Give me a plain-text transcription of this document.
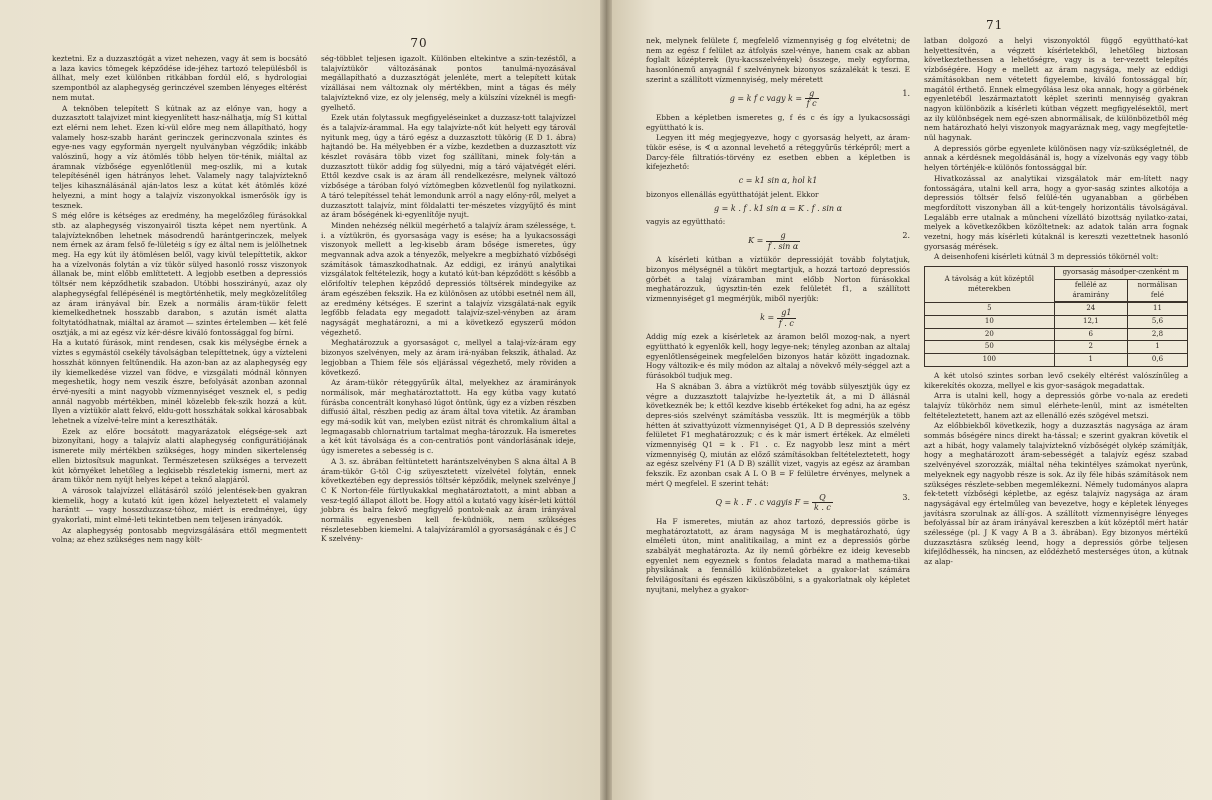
70

keztetni. Ez a duzzasztógát a vizet nehezen, vagy át sem is bocsátó a laza kavics tömegek képződése ide-jéhez tartozó településből is állhat, mely ezet különben ritkábban fordúl elő, s hydrologiai szempontból az alaphegység gerinczével szemben lényeges eltérést nem mutat.

A teknöben telepített S kútnak az az előnye van, hogy a duzzasztott talajvizet mint kiegyenlített hasz-nálhatja, míg S1 kúttal ezt elérni nem lehet. Ezen kí-vül előre meg nem állapítható, hogy valamely hosz-szabb haránt gerinczek gerinczvonala szintes és egye-nes vagy egyformán nyergelt nyulványban végződik; inkább valószinű, hogy a víz átömlés több helyen tör-ténik, miáltal az áramnak vízbősége egyenlőtlenül meg-oszlik, mi a kutak telepítésénél igen hátrányos lehet. Valamely nagy talajvízteknő teljes kihasználásánál aján-latos lesz a kútat két átömlés közé helyezni, a mint hogy a talajvíz viszonyokkal ismerősök így is tesznek.

S még előre is kétséges az eredmény, ha megelőzőleg fúrásokkal stb. az alaphegység viszonyairól tiszta képet nem nyertünk. A talajvízteknőben lehetnek másodrendű harántgerinczek, melyek nem érnek az áram felső fe-lületéig s így ez által nem is jelölhetnek meg. Ha egy kút ily átömlésen belől, vagy kivül telepíttetik, akkor ha a vízelvonás folytán a víz tükör sülyed hasonló rossz viszonyok állanak be, mint előbb említtetett. A legjobb esetben a depressiós töltsér nem képződhetik szabadon. Utóbbi hosszirányú, azaz oly alaphegységfal fellépésénél is megtörténhetik, mely megközelítőleg az áram irányával bír. Ezek a normális áram-tükör felett kiemelkedhetnek hosszabb darabon, s azután ismét alatta foltytatódhatnak, miáltal az áramot — szintes értelemben — két felé osztják, a mi az egész víz kér-désre kiváló fontossággal fog bírni.

Ha a kutató fúrások, mint rendesen, csak kis mélységbe érnek a víztes s egymástól csekély távolságban telepíttetnek, úgy a vízteleni hosszhát könnyen feltűnendik. Ha azon-ban az az alaphegység egy ily kiemelkedése vizzel van födve, e vizsgálati módnál könnyen megeshetik, hogy nem veszik észre, befolyását azonban azonnal érvé-nyesíti a mint nagyobb vízmennyiséget vesznek el, s pedig annál nagyobb mértékben, minél közelebb fek-szik hozzá a kút. Ilyen a víztükör alatt fekvő, eldu-gott hosszhátak sokkal károsabbak lehetnek a vízelvé-telre mint a keresztháták.

Ezek az előre bocsátott magyarázatok elégsége-sek azt bizonyítani, hogy a talajvíz alatti alaphegység configurátiójának ismerete mily mértékben szükséges, hogy minden sikertelenség ellen biztosítsuk magunkat. Természetesen szükséges a tervezett kút környéket lehetőleg a legkisebb részletekig ismerni, mert az áram tükör nem nyújt helyes képet a teknő alapjáról.

A városok talajvízzel ellátásáról szóló jelentések-ben gyakran kiemelik, hogy a kutató kút igen közel helyeztetett el valamely harántt — vagy hosszduzzasz-tóhoz, miért is eredményei, úgy gyakorlati, mint elmé-leti tekintetben nem teljesen irányadók.

Az alaphegység pontosabb megvizsgálására ettől megmentett volna; az ehez szükséges nem nagy költ-

ség-többlet teljesen igazolt. Különben eltekintve a szin-tezéstől, a talajvíztükör változásának pontos tanulmá-nyozásával megállapítható a duzzasztógát jelenléte, mert a telepített kútak vízállásai nem változnak oly mértékben, mint a tágas és mély talajvízteknő vize, ez oly jelenség, mely a külszíni vízeknél is megfi-gyelhető.

Ezek után folytassuk megfigyeléseinket a duzzasz-tott talajvízzel és a talajvíz-árammal. Ha egy talajvízte-nőt kút helyett egy tárovál nyitunk meg, úgy a táró egész a duzzasztott tükörig (E D 1. ábra) hajtandó be. Ha mélyebben ér a vízbe, kezdetben a duzzasztott víz készlet rovására több vizet fog szállítani, minek foly-tán a duzzasztott tükör addig fog sülyedni, míg a táró vájatvégét eléri. Ettől kezdve csak is az áram áll rendelkezésre, melynek változó vízbősége a táróban folyó víztömegben közvetlenül fog nyilatkozni. A táró telepítéssel tehát lemondunk arról a nagy előny-ről, melyet a duzzasztott talajvíz, mint földalatti ter-mészetes vízgyűjtő és mint az áram bőségének ki-egyenlítője nyujt.

Minden nehézség nélkül megérhető a talajvíz áram szélessége, t. i. a víztükrön, és gyorsasága vagy is esése; ha a lyukacsossági viszonyok mellett a leg-kisebb áram bősége ismeretes, úgy megvannak adva azok a tényezők, melyekre a megbízható vízbőségi számítások támaszkodhatnak. Az eddigi, ez irányú analytikai vizsgálatok feltételezik, hogy a kutató kút-ban képződött s később a előrifoltív telephen képződő depressiós töltsérek mindegyike az áram egészében fekszik. Ha ez különösen az utóbbi esetnél nem áll, az eredmény kétséges. E szerint a talajvíz vizsgálatá-nak egyik legfőbb feladata egy megadott talajvíz-szel-vényben az áram nagyságát meghatározni, a mi a következő egyszerű módon végezhető.

Meghatározzuk a gyorsaságot c, mellyel a talaj-víz-áram egy bizonyos szelvényen, mely az áram irá-nyában fekszik, áthalad. Az legjobban a Thiem féle sós eljárással végezhető, mely röviden a következő.

Az áram-tükör réteggyűrűk által, melyekhez az áramirányok normálisok, már meghatároztattott. Ha egy kútba vagy kutató fúrásba concentrált konyhasó lúgot öntünk, úgy ez a vízben részben diffusió által, részben pedig az áram által tova vitetik. Az áramban egy má-sodik kút van, melyben ezüst nitrát és chromkalium által a legmagasabb chlornatrium tartalmat megha-tározzuk. Ha ismeretes a két kút távolsága és a con-centratiós pont vándorlásának ideje, úgy ismeretes a sebesség is c.

A 3. sz. ábrában feltüntetett harántszelvényben S akna által A B áram-tükör G-töl C-ig szüyesztetett vízelvétel folytán, ennek következtében egy depressiós töltsér képződik, melynek szelvénye J C K Norton-féle fúrtlyukakkal meghatároztatott, a mint abban a vesz-teglő állapot állott be. Hogy attól a kutató vagy kísér-leti kúttól jobbra és balra fekvő megfigyelő pontok-nak az áram irányával normális egyenesben kell fe-küdniök, nem szükséges részletesebben kiemelni. A talajvízáramlól a gyorsaságának c és J C K szelvény-

71

nek, melynek felülete f, megfelelő vízmennyiség g fog elvétetni; de nem az egész f felület az átfolyás szel-vénye, hanem csak az abban foglalt középterek (lyu-kacsszelvények) összege, mely egyforma, hasonlónemű anyagnál f szelvénynek bizonyos százalékát k teszi. E szerint a szállított vízmennyiség, mely méretett

g = k f c vagy $k = \frac{g}{\text{f c}}$	1.

Ebben a képletben ismeretes g, f és c és így a lyukacsossági együttható k is.

Legyen itt még megjegyezve, hogy c gyorsaság helyett, az áram-tükör esése, is ∢ α azonnal levehető a réteggyűrűs térképről; mert a Darcy-féle filtratiós-törvény ez esetben ebben a képletben is kifejezhető:

c = k1 sin α, hol k1

bizonyos ellenállás együtthatóját jelent. Ekkor

g = k . f . k1 sin α = K . f . sin α

vagyis az együttható:

$K = \frac{g}{\text{f . sin α}}$	2.

A kísérleti kútban a víztükör depressióját tovább folytatjuk, bizonyos mélységnél a tükört megtartjuk, a hozzá tartozó depressiós görbét a talaj vízáramban mint előbb Norton fúrásokkal meghatározzuk, úgysztin-tén ezek felületét f1, a szállított vízmennyiséget g1 megmérjük, miből nyerjük:

$k = \frac{g1}{f . c}$

Addig míg ezek a kísérletek az áramon belől mozog-nak, a nyert együttható k egyenlők kell, hogy legye-nek; tényleg azonban az altalaj egyenlőtlenségeinek megfelelően bizonyos határ között ingadoznak. Hogy változik-e és mily módon az altalaj a növekvő mély-séggel azt a fúrásokból tudjuk meg.

Ha S aknában 3. ábra a víztükröt még tovább sülyesztjük úgy ez végre a duzzasztott talajvízbe he-lyeztetik át, a mi D állásnál következnék be; k ettől kezdve kisebb értékeket fog adni, ha az egész depres-siós szelvényt számításba vesszük. Itt is megmérjük a több hétten át szivattyúzott vízmennyiséget Q1, A D B depressiós szelvény felületet F1 meghatározzuk; c és k már ismert értékek. Az elméleti vízmennyiség Q1 = k . F1 . c. Ez nagyobb lesz mint a mért vízmennyiség Q, miután az előző számításokban feltételeztetett, hogy az egész szelvény F1 (A D B) szállít vizet, vagyis az egész az áramban fekszik. Ez azonban csak A L O B = F felületre érvényes, melynek a mért Q megfelel. E szerint tehát:

Q = k . F . c vagyis $F = \frac{Q}{k . c}$	3.

Ha F ismeretes, miután az ahoz tartozó, depressiós görbe is meghatároztatott, az áram nagysága M is meghatározható, úgy elméleti úton, mint analitikailag, a mint ez a depressiós görbe szabályát meghatározta. Az ily nemű görbékre ez ideig kevesebb egyenlet nem egyeznek s fontos feladata marad a mathema-tikai physikának a fennálló különbözeteket a gyakor-lat számára felvilágosítani és egészen kiküszöbölni, s a gyakorlatnak oly képletet nyujtani, melyhez a gyakor-

latban dolgozó a helyi viszonyoktól függő együttható-kat helyettesítvén, a végzett kísérletekből, lehetőleg biztosan következtethessen a lehetőségre, vagy is a ter-vezett telepítés vízbőségére. Hogy e mellett az áram nagysága, mely az eddigi számításokban nem vétetett figyelembe, kiváló fontossággal bír, magától érthető. Ennek elmegyőlása lesz oka annak, hogy a görbének egyenletéből leszármaztatott képlet szerinti mennyiség gyakran nagyon különbözik a kísérleti kútban végzett megfigyelésektől, mert az ily különbségek nem egé-szen abnormálisak, de különbözetből még nem határozható helyi viszonyok magyaráznak meg, vagy megfejtetle-nül hagynak.

A depressiós görbe egyenlete különösen nagy víz-szükségletnél, de annak a kérdésnek megoldásánál is, hogy a vízelvonás egy vagy több helyen történjék-e különös fontossággal bír.

Hivatkozással az analytikai vizsgálatok már em-lített nagy fontosságára, utalni kell arra, hogy a gyor-saság szintes alkotója a depressiós töltsér felső felülé-tén ugyanabban a görbében megfordított viszonyban áll a kút-tengely horizontális távolságával. Legalább erre utalnak a müncheni vízellátó bizottság nyilatko-zatai, melyek a következőkben közöltetnek: az adatok talán arra fognak vezetni, hogy más kísérleti kútaknál is kereszti vezettetnek hasonló gyorsaság mérések.

A deisenhofeni kísérleti kútnál 3 m depressiós tökörnél volt:

A távolság a kút középtől méterekben	gyorsaság másodper-czenként m	
	fellélé az áramirány	normálisan felé

5	24	11
10	12,1	5,6
20	6	2,8
50	2	1
100	1	0,6

A két utolsó szintes sorban levő csekély eltérést valószínűleg a kikerekítés okozza, mellyel e kis gyor-saságok megadattak.

Arra is utalni kell, hogy a depressiós görbe vo-nala az eredeti talajvíz tükörhöz nem simul elérhete-lenül, mint az ismételten feltételeztetett, hanem azt az ellenálló ezés szögével metszi.

Az előbbiekből következik, hogy a duzzasztás nagysága az áram sommás bőségére nincs direkt ha-tással; e szerint gyakran követik el azt a hibát, hogy valamely talajvízteknő vízbőségét olykép számítják, hogy a meghatározott áram-sebességét a talajvíz egész szabad szelvényével szorozzák, miáltal néha tekintélyes számokat nyerünk, melyeknek egy nagyobb része is sok. Az ily féle hibás számítások nem szükséges részlete-sebben megemlékezni. Némely tudományos alapra fek-tetett vízbőségi képletbe, az egész talajvíz nagysága az áram nagyságával egy értelműleg van bevezetve, hogy e képletek lényeges javításra szorulnak az állí-gos. A szállított vízmennyiségre lényeges befolyással bír az áram irányával kereszben a kút középtől mért határ szélessége (pl. J K vagy A B a 3. ábrában). Egy bizonyos mértékű duzzasztásra szükség leend, hogy a depressiós görbe teljesen kifejlődhessék, ha nincsen, az elődézhető mesterséges úton, a kútnak az alap-
